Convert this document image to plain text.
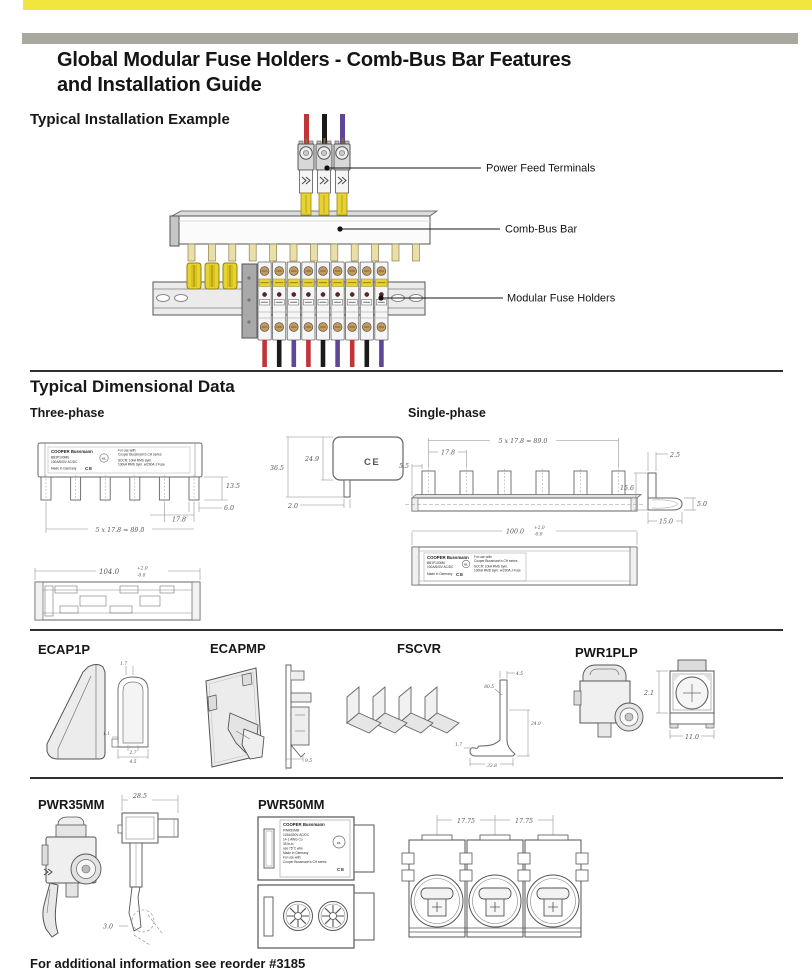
Global Modular Fuse Holders - Comb-Bus Bar Features
and Installation Guide
Typical Installation Example
Power Feed Terminals
Comb-Bus Bar
Modular Fuse Holders
Typical Dimensional Data
Three-phase	Single-phase
COOPER Bussmann
BB3P100M6
100A/600V AC/DC
Made in Germany CE
UL
For use with:
Cooper Bussmann's CH series
SCCR: 10kA RMS Sym.
100kA RMS Sym. w/200A J Fuse
13.5
6.0
17.8
5 x 17.8 = 89.0
CE
24.9
36.5
2.0
104.0	+2.0
-0.0
5 x 17.8 = 89.0
17.8
5.5
2.5
15.6
15.0
5.0
100.0 +2.0
-0.0
COOPER Bussmann
BB1P100M6
100A/600V AC/DC
Made in Germany CE
UL
For use with:
Cooper Bussmann's CH series
SCCR: 10kA RMS Sym.
100kA RMS Sym. w/200A J Fuse
ECAP1P	ECAPMP	FSCVR	PWR1PLP
1.7
1.1
2.7
4.5	9.5
4.5
80.5
24.0
33.8
1.7
2.1
11.0
PWR35MM	PWR50MM
28.5
3.0
COOPER Bussmann
PWR50MM
115A/600V AC/DC
14-1 AWG Cu
35 lb-in
use 75°C wire
Made in Germany
For use with:
Cooper Bussmann's CH series
UL
CE
17.75	17.75
For additional information see reorder #3185
